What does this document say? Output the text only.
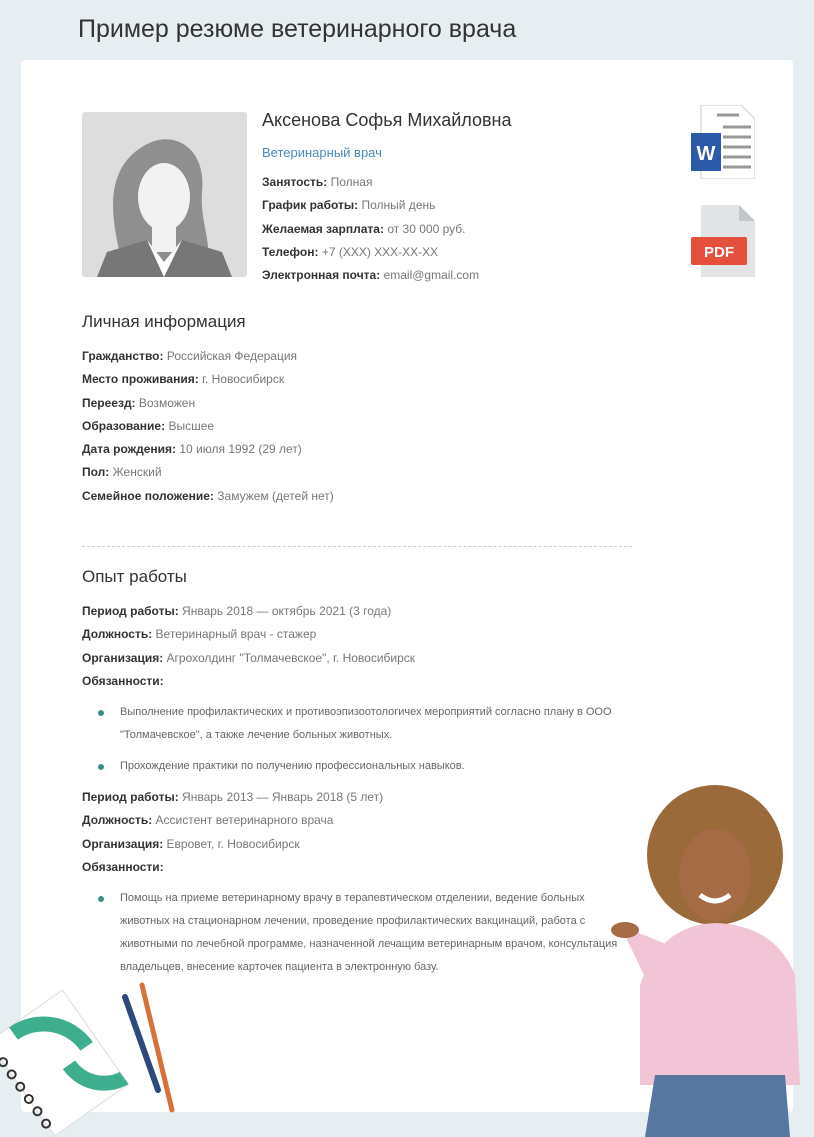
Пример резюме ветеринарного врача
Аксенова Софья Михайловна
Ветеринарный врач
Занятость: Полная
График работы: Полный день
Желаемая зарплата: от 30 000 руб.
Телефон: +7 (XXX) XXX-XX-XX
Электронная почта: email@gmail.com
W
PDF
Личная информация
Гражданство: Российская Федерация
Место проживания: г. Новосибирск
Переезд: Возможен
Образование: Высшее
Дата рождения: 10 июля 1992 (29 лет)
Пол: Женский
Семейное положение: Замужем (детей нет)
Опыт работы
Период работы: Январь 2018 — октябрь 2021 (3 года)
Должность: Ветеринарный врач - стажер
Организация: Агрохолдинг "Толмачевское", г. Новосибирск
Обязанности:
Выполнение профилактических и противоэпизоотологичех мероприятий согласно плану в ООО "Толмачевское", а также лечение больных животных.
Прохождение практики по получению профессиональных навыков.
Период работы: Январь 2013 — Январь 2018 (5 лет)
Должность: Ассистент ветеринарного врача
Организация: Евровет, г. Новосибирск
Обязанности:
Помощь на приеме ветеринарному врачу в терапевтическом отделении, ведение больных животных на стационарном лечении, проведение профилактических вакцинаций, работа с животными по лечебной программе, назначенной лечащим ветеринарным врачом, консультация владельцев, внесение карточек пациента в электронную базу.
